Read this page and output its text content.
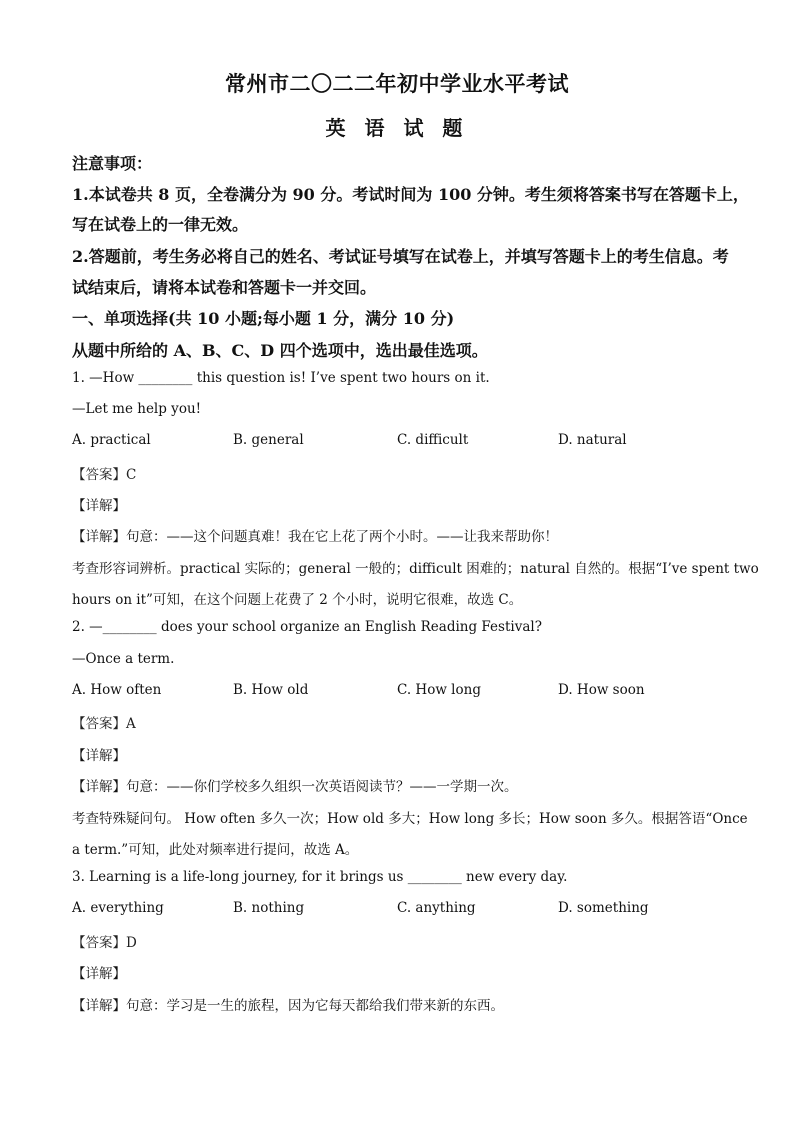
常州市二〇二二年初中学业水平考试
英 语 试 题
注意事项：
1.本试卷共 8 页，全卷满分为 90 分。考试时间为 100 分钟。考生须将答案书写在答题卡上，
写在试卷上的一律无效。
2.答题前，考生务必将自己的姓名、考试证号填写在试卷上，并填写答题卡上的考生信息。考
试结束后，请将本试卷和答题卡一并交回。
一、单项选择(共 10 小题;每小题 1 分，满分 10 分)
从题中所给的 A、B、C、D 四个选项中，选出最佳选项。
1. —How ________ this question is! I’ve spent two hours on it.
—Let me help you!
A. practical	B. general	C. difficult	D. natural
【答案】C
【详解】
【详解】句意：——这个问题真难！我在它上花了两个小时。——让我来帮助你！
考查形容词辨析。practical 实际的；general 一般的；difficult 困难的；natural 自然的。根据“I’ve spent two
hours on it”可知，在这个问题上花费了 2 个小时，说明它很难，故选 C。
2. —________ does your school organize an English Reading Festival?
—Once a term.
A. How often	B. How old	C. How long	D. How soon
【答案】A
【详解】
【详解】句意：——你们学校多久组织一次英语阅读节？——一学期一次。
考查特殊疑问句。 How often 多久一次；How old 多大；How long 多长；How soon 多久。根据答语“Once
a term.”可知，此处对频率进行提问，故选 A。
3. Learning is a life-long journey, for it brings us ________ new every day.
A. everything	B. nothing	C. anything	D. something
【答案】D
【详解】
【详解】句意：学习是一生的旅程，因为它每天都给我们带来新的东西。
